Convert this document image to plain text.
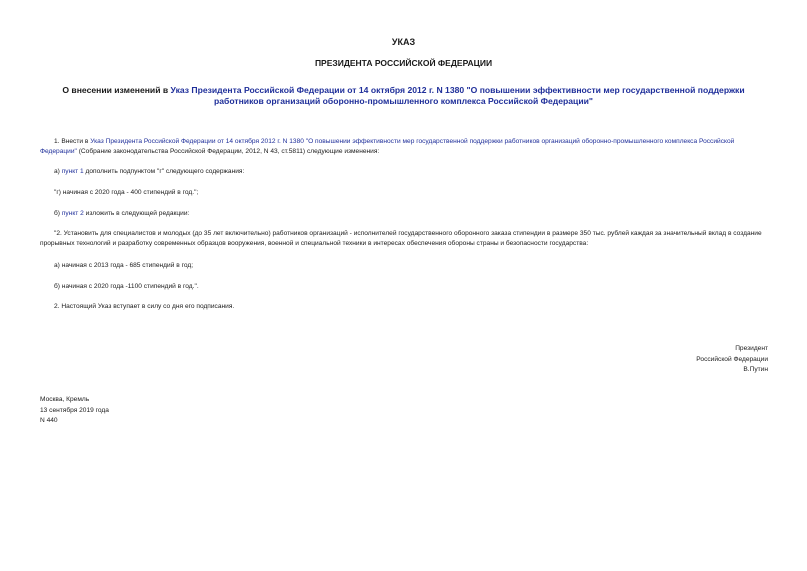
УКАЗ
ПРЕЗИДЕНТА РОССИЙСКОЙ ФЕДЕРАЦИИ
О внесении изменений в Указ Президента Российской Федерации от 14 октября 2012 г. N 1380 "О повышении эффективности мер государственной поддержки работников организаций оборонно-промышленного комплекса Российской Федерации"
1. Внести в Указ Президента Российской Федерации от 14 октября 2012 г. N 1380 "О повышении эффективности мер государственной поддержки работников организаций оборонно-промышленного комплекса Российской Федерации" (Собрание законодательства Российской Федерации, 2012, N 43, ст.5811) следующие изменения:
а) пункт 1 дополнить подпунктом "г" следующего содержания:
"г) начиная с 2020 года - 400 стипендий в год.";
б) пункт 2 изложить в следующей редакции:
"2. Установить для специалистов и молодых (до 35 лет включительно) работников организаций - исполнителей государственного оборонного заказа стипендии в размере 350 тыс. рублей каждая за значительный вклад в создание прорывных технологий и разработку современных образцов вооружения, военной и специальной техники в интересах обеспечения обороны страны и безопасности государства:
а) начиная с 2013 года - 685 стипендий в год;
б) начиная с 2020 года -1100 стипендий в год.".
2. Настоящий Указ вступает в силу со дня его подписания.
Президент
Российской Федерации
В.Путин
Москва, Кремль
13 сентября 2019 года
N 440
